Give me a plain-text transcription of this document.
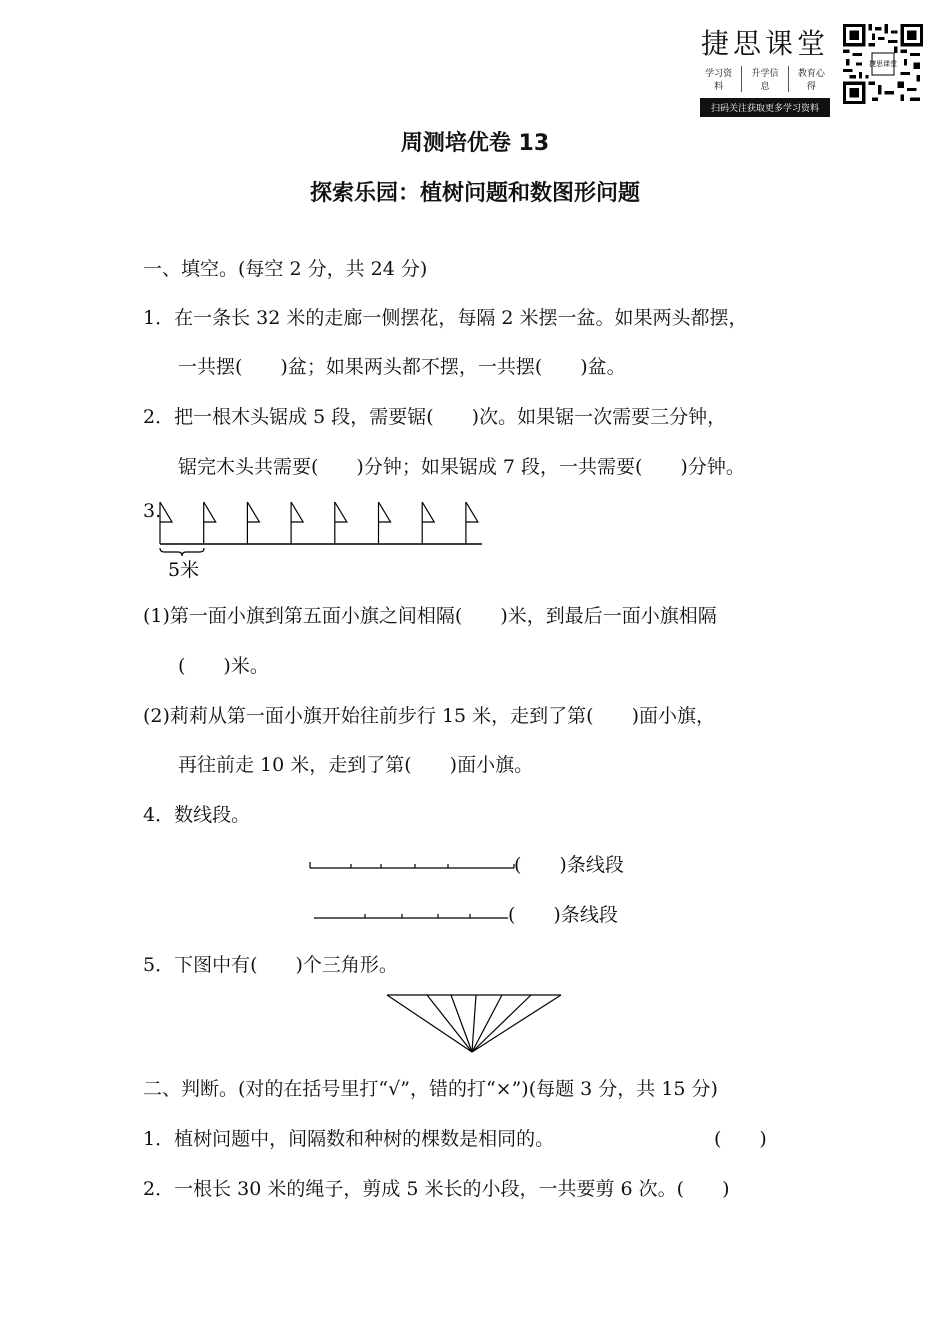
捷思课堂
学习资料
升学信息
教育心得
扫码关注获取更多学习资料
捷思课堂
周测培优卷 13
探索乐园：植树问题和数图形问题
一、填空。(每空 2 分，共 24 分)
1．在一条长 32 米的走廊一侧摆花，每隔 2 米摆一盆。如果两头都摆，
一共摆(　　)盆；如果两头都不摆，一共摆(　　)盆。
2．把一根木头锯成 5 段，需要锯(　　)次。如果锯一次需要三分钟，
锯完木头共需要(　　)分钟；如果锯成 7 段，一共需要(　　)分钟。
3.
5米
(1)第一面小旗到第五面小旗之间相隔(　　)米，到最后一面小旗相隔
(　　)米。
(2)莉莉从第一面小旗开始往前步行 15 米，走到了第(　　)面小旗，
再往前走 10 米，走到了第(　　)面小旗。
4．数线段。
(　　)条线段
(　　)条线段
5．下图中有(　　)个三角形。
二、判断。(对的在括号里打“√”，错的打“×”)(每题 3 分，共 15 分)
1．植树问题中，间隔数和种树的棵数是相同的。	(　　)
2．一根长 30 米的绳子，剪成 5 米长的小段，一共要剪 6 次。(　　)
